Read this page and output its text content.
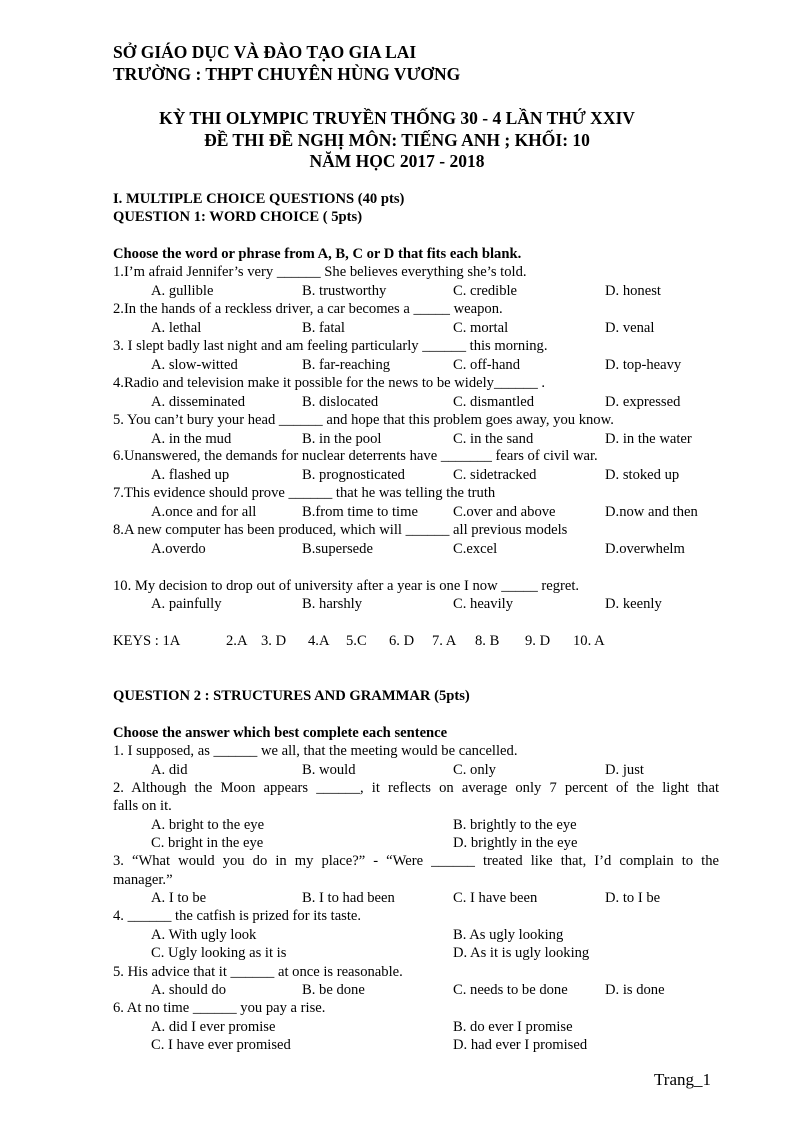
SỞ GIÁO DỤC VÀ ĐÀO TẠO GIA LAI
TRƯỜNG : THPT CHUYÊN HÙNG VƯƠNG
KỲ THI OLYMPIC TRUYỀN THỐNG 30 - 4 LẦN THỨ XXIV
ĐỀ THI ĐỀ NGHỊ MÔN: TIẾNG ANH ; KHỐI: 10
NĂM HỌC 2017 - 2018
I. MULTIPLE CHOICE QUESTIONS (40 pts)
QUESTION 1: WORD CHOICE ( 5pts)
Choose the word or phrase from A, B, C or D that fits each blank.
1.I’m afraid Jennifer’s very ______ She believes everything she’s told.
A. gullible	B. trustworthy	C. credible	D. honest
2.In the hands of a reckless driver, a car becomes a _____ weapon.
A. lethal	B. fatal	C. mortal	D. venal
3. I slept badly last night and am feeling particularly ______ this morning.
A. slow-witted	B. far-reaching	C. off-hand	D. top-heavy
4.Radio and television make it possible for the news to be widely______ .
A. disseminated	B. dislocated	C. dismantled	D. expressed
5. You can’t bury your head ______ and hope that this problem goes away, you know.
A. in the mud	B. in the pool	C. in the sand	D. in the water
6.Unanswered, the demands for nuclear deterrents have _______ fears of civil war.
A. flashed up	B. prognosticated	C. sidetracked	D. stoked up
7.This evidence should prove ______ that he was telling the truth
A.once and for all	B.from time to time C.over and above	D.now and then
8.A new computer has been produced, which will ______ all previous models
A.overdo	B.supersede	C.excel	D.overwhelm
10. My decision to drop out of university after a year is one I now _____ regret.
A. painfully	B. harshly	C. heavily	D. keenly
KEYS : 1A	2.A 3. D 4.A 5.C 6. D 7. A 8. B 9. D 10. A
QUESTION 2 : STRUCTURES AND GRAMMAR (5pts)
Choose the answer which best complete each sentence
1. I supposed, as ______ we all, that the meeting would be cancelled.
A. did	B. would	C. only	D. just
2. Although the Moon appears ______, it reflects on average only 7 percent of the light that
falls on it.
A. bright to the eye	B. brightly to the eye
C. bright in the eye	D. brightly in the eye
3. “What would you do in my place?” - “Were ______ treated like that, I’d complain to the
manager.”
A. I to be	B. I to had been	C. I have been	D. to I be
4. ______ the catfish is prized for its taste.
A. With ugly look	B. As ugly looking
C. Ugly looking as it is	D. As it is ugly looking
5. His advice that it ______ at once is reasonable.
A. should do	B. be done	C. needs to be done	D. is done
6. At no time ______ you pay a rise.
A. did I ever promise	B. do ever I promise
C. I have ever promised	D. had ever I promised
Trang_1
